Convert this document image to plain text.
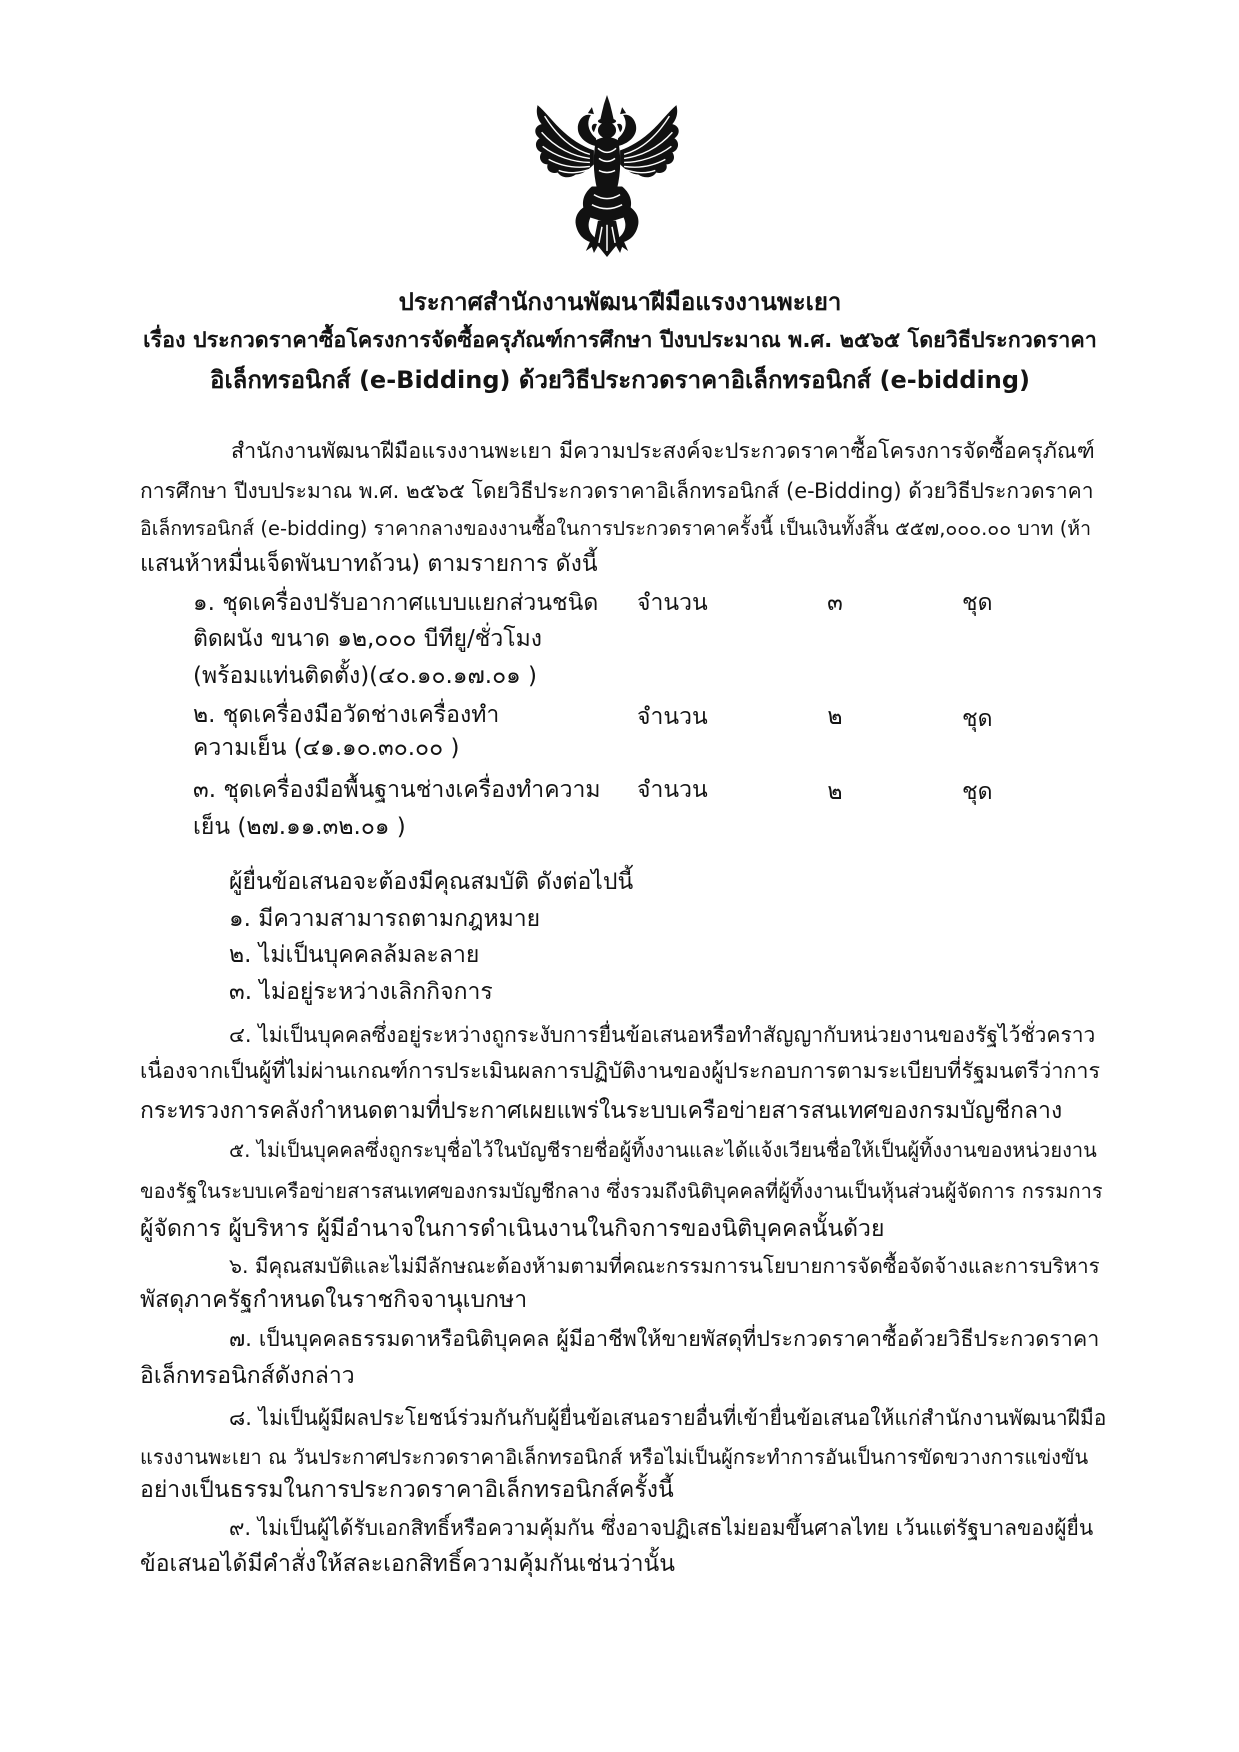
ประกาศสำนักงานพัฒนาฝีมือแรงงานพะเยา
เรื่อง ประกวดราคาซื้อโครงการจัดซื้อครุภัณฑ์การศึกษา ปีงบประมาณ พ.ศ. ๒๕๖๕ โดยวิธีประกวดราคา
อิเล็กทรอนิกส์ (e-Bidding) ด้วยวิธีประกวดราคาอิเล็กทรอนิกส์ (e-bidding)
สำนักงานพัฒนาฝีมือแรงงานพะเยา มีความประสงค์จะประกวดราคาซื้อโครงการจัดซื้อครุภัณฑ์
การศึกษา ปีงบประมาณ พ.ศ. ๒๕๖๕ โดยวิธีประกวดราคาอิเล็กทรอนิกส์ (e-Bidding) ด้วยวิธีประกวดราคา
อิเล็กทรอนิกส์ (e-bidding) ราคากลางของงานซื้อในการประกวดราคาครั้งนี้ เป็นเงินทั้งสิ้น ๕๕๗,๐๐๐.๐๐ บาท (ห้า
แสนห้าหมื่นเจ็ดพันบาทถ้วน) ตามรายการ ดังนี้
๑. ชุดเครื่องปรับอากาศแบบแยกส่วนชนิด	จำนวน	๓	ชุด
ติดผนัง ขนาด ๑๒,๐๐๐ บีทียู/ชั่วโมง
(พร้อมแท่นติดตั้ง)(๔๐.๑๐.๑๗.๐๑ )
๒. ชุดเครื่องมือวัดช่างเครื่องทำ	จำนวน	๒	ชุด
ความเย็น (๔๑.๑๐.๓๐.๐๐ )
๓. ชุดเครื่องมือพื้นฐานช่างเครื่องทำความ	จำนวน	๒	ชุด
เย็น (๒๗.๑๑.๓๒.๐๑ )
ผู้ยื่นข้อเสนอจะต้องมีคุณสมบัติ ดังต่อไปนี้
๑. มีความสามารถตามกฎหมาย
๒. ไม่เป็นบุคคลล้มละลาย
๓. ไม่อยู่ระหว่างเลิกกิจการ
๔. ไม่เป็นบุคคลซึ่งอยู่ระหว่างถูกระงับการยื่นข้อเสนอหรือทำสัญญากับหน่วยงานของรัฐไว้ชั่วคราว
เนื่องจากเป็นผู้ที่ไม่ผ่านเกณฑ์การประเมินผลการปฏิบัติงานของผู้ประกอบการตามระเบียบที่รัฐมนตรีว่าการ
กระทรวงการคลังกำหนดตามที่ประกาศเผยแพร่ในระบบเครือข่ายสารสนเทศของกรมบัญชีกลาง
๕. ไม่เป็นบุคคลซึ่งถูกระบุชื่อไว้ในบัญชีรายชื่อผู้ทิ้งงานและได้แจ้งเวียนชื่อให้เป็นผู้ทิ้งงานของหน่วยงาน
ของรัฐในระบบเครือข่ายสารสนเทศของกรมบัญชีกลาง ซึ่งรวมถึงนิติบุคคลที่ผู้ทิ้งงานเป็นหุ้นส่วนผู้จัดการ กรรมการ
ผู้จัดการ ผู้บริหาร ผู้มีอำนาจในการดำเนินงานในกิจการของนิติบุคคลนั้นด้วย
๖. มีคุณสมบัติและไม่มีลักษณะต้องห้ามตามที่คณะกรรมการนโยบายการจัดซื้อจัดจ้างและการบริหาร
พัสดุภาครัฐกำหนดในราชกิจจานุเบกษา
๗. เป็นบุคคลธรรมดาหรือนิติบุคคล ผู้มีอาชีพให้ขายพัสดุที่ประกวดราคาซื้อด้วยวิธีประกวดราคา
อิเล็กทรอนิกส์ดังกล่าว
๘. ไม่เป็นผู้มีผลประโยชน์ร่วมกันกับผู้ยื่นข้อเสนอรายอื่นที่เข้ายื่นข้อเสนอให้แก่สำนักงานพัฒนาฝีมือ
แรงงานพะเยา ณ วันประกาศประกวดราคาอิเล็กทรอนิกส์ หรือไม่เป็นผู้กระทำการอันเป็นการขัดขวางการแข่งขัน
อย่างเป็นธรรมในการประกวดราคาอิเล็กทรอนิกส์ครั้งนี้
๙. ไม่เป็นผู้ได้รับเอกสิทธิ์หรือความคุ้มกัน ซึ่งอาจปฏิเสธไม่ยอมขึ้นศาลไทย เว้นแต่รัฐบาลของผู้ยื่น
ข้อเสนอได้มีคำสั่งให้สละเอกสิทธิ์ความคุ้มกันเช่นว่านั้น
